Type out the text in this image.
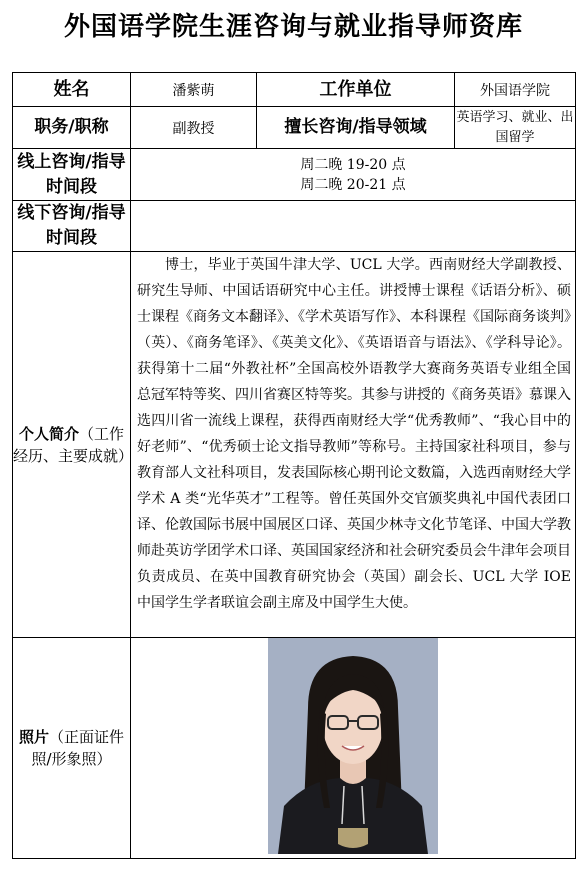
外国语学院生涯咨询与就业指导师资库
姓名	潘紫萌	工作单位	外国语学院
职务/职称	副教授	擅长咨询/指导领域	英语学习、就业、出国留学
线上咨询/指导时间段	周二晚 19-20 点
周二晚 20-21 点		

线下咨询/指导时间段			
个人简介（工作经历、主要成就）	博士，毕业于英国牛津大学、UCL 大学。西南财经大学副教授、研究生导师、中国话语研究中心主任。讲授博士课程《话语分析》、硕士课程《商务文本翻译》、《学术英语写作》、本科课程《国际商务谈判》（英）、《商务笔译》、《英美文化》、《英语语音与语法》、《学科导论》。获得第十二届“外教社杯”全国高校外语教学大赛商务英语专业组全国总冠军特等奖、四川省赛区特等奖。其参与讲授的《商务英语》慕课入选四川省一流线上课程，获得西南财经大学“优秀教师”、“我心目中的好老师”、“优秀硕士论文指导教师”等称号。主持国家社科项目，参与教育部人文社科项目，发表国际核心期刊论文数篇，入选西南财经大学学术 A 类“光华英才”工程等。曾任英国外交官颁奖典礼中国代表团口译、伦敦国际书展中国展区口译、英国少林寺文化节笔译、中国大学教师赴英访学团学术口译、英国国家经济和社会研究委员会牛津年会项目负责成员、在英中国教育研究协会（英国）副会长、UCL 大学 IOE 中国学生学者联谊会副主席及中国学生大使。		

照片（正面证件照/形象照）	
